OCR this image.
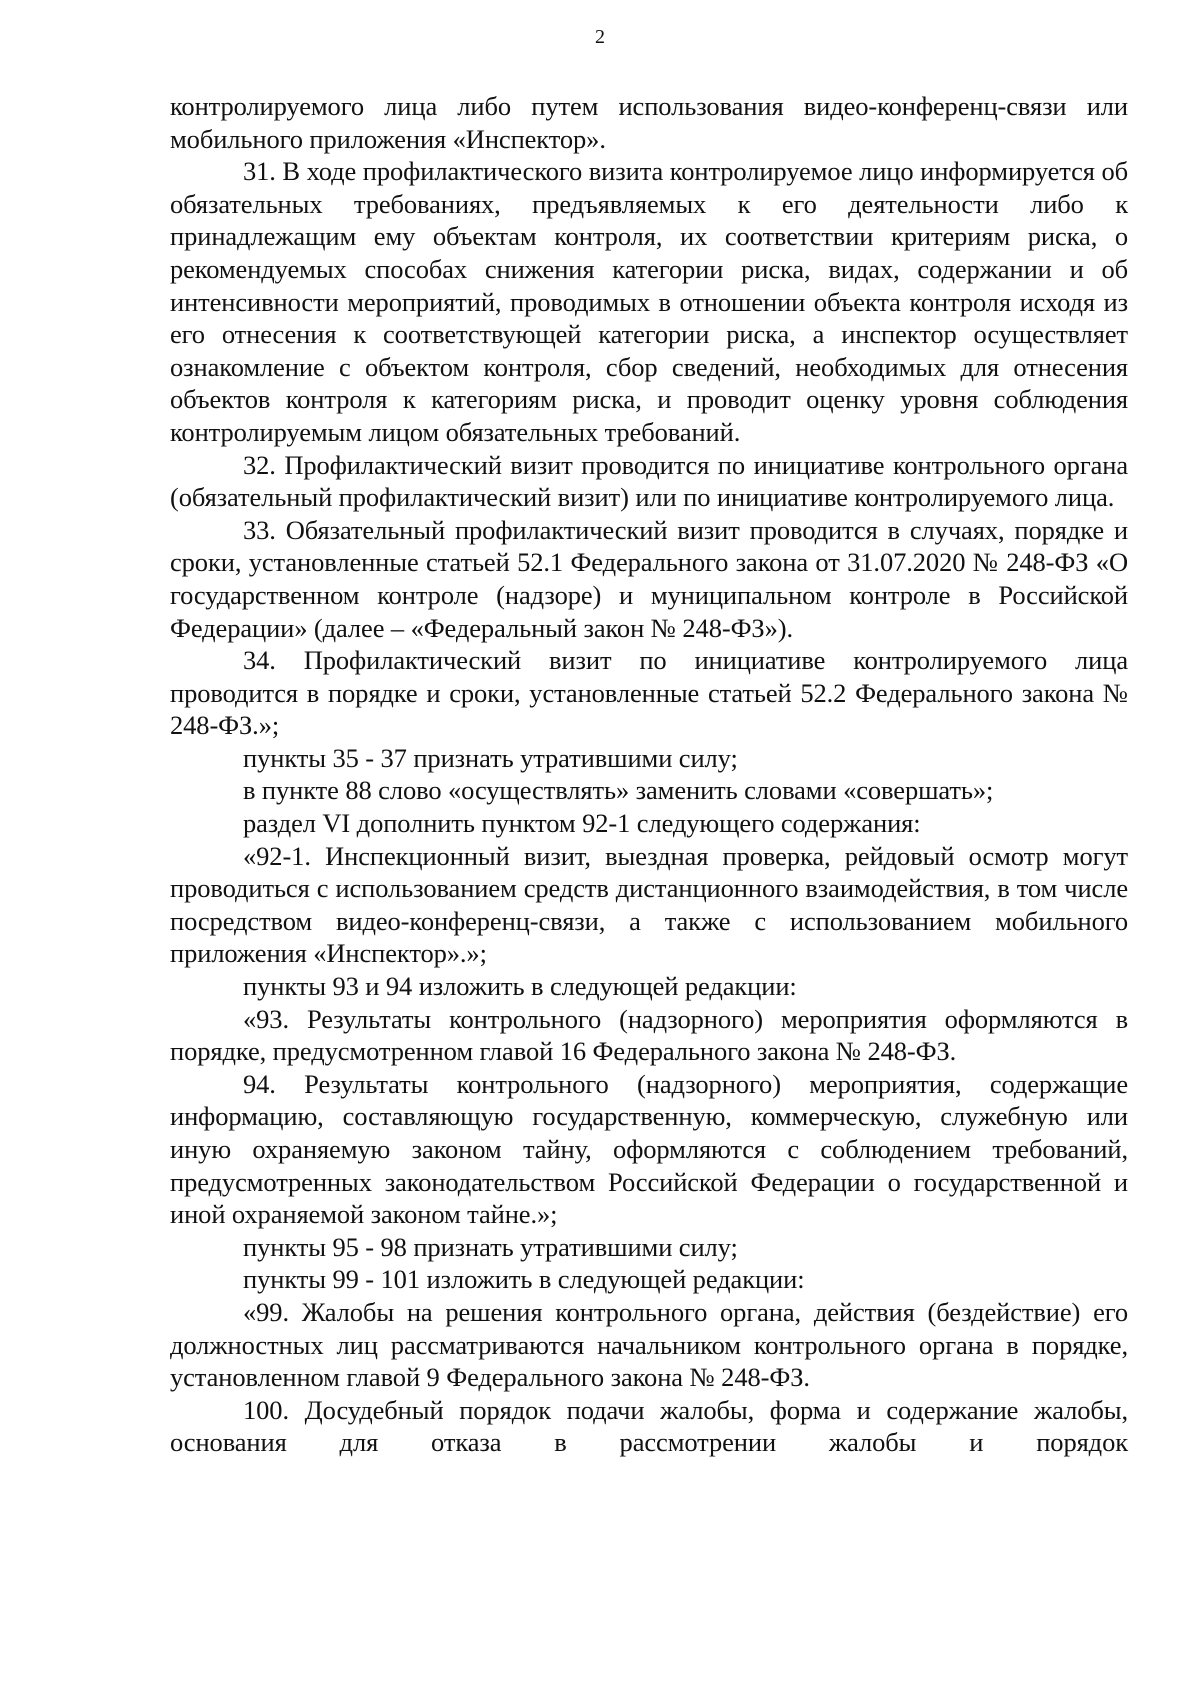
2

контролируемого лица либо путем использования видео-конференц-связи или мобильного приложения «Инспектор».

31. В ходе профилактического визита контролируемое лицо информируется об обязательных требованиях, предъявляемых к его деятельности либо к принадлежащим ему объектам контроля, их соответствии критериям риска, о рекомендуемых способах снижения категории риска, видах, содержании и об интенсивности мероприятий, проводимых в отношении объекта контроля исходя из его отнесения к соответствующей категории риска, а инспектор осуществляет ознакомление с объектом контроля, сбор сведений, необходимых для отнесения объектов контроля к категориям риска, и проводит оценку уровня соблюдения контролируемым лицом обязательных требований.

32. Профилактический визит проводится по инициативе контрольного органа (обязательный профилактический визит) или по инициативе контролируемого лица.

33. Обязательный профилактический визит проводится в случаях, порядке и сроки, установленные статьей 52.1 Федерального закона от 31.07.2020 № 248-ФЗ «О государственном контроле (надзоре) и муниципальном контроле в Российской Федерации» (далее – «Федеральный закон № 248-ФЗ»).

34. Профилактический визит по инициативе контролируемого лица проводится в порядке и сроки, установленные статьей 52.2 Федерального закона № 248-ФЗ.»;

пункты 35 - 37 признать утратившими силу;

в пункте 88 слово «осуществлять» заменить словами «совершать»;

раздел VI дополнить пунктом 92-1 следующего содержания:

«92-1. Инспекционный визит, выездная проверка, рейдовый осмотр могут проводиться с использованием средств дистанционного взаимодействия, в том числе посредством видео-конференц-связи, а также с использованием мобильного приложения «Инспектор».»;

пункты 93 и 94 изложить в следующей редакции:

«93. Результаты контрольного (надзорного) мероприятия оформляются в порядке, предусмотренном главой 16 Федерального закона № 248-ФЗ.

94. Результаты контрольного (надзорного) мероприятия, содержащие информацию, составляющую государственную, коммерческую, служебную или иную охраняемую законом тайну, оформляются с соблюдением требований, предусмотренных законодательством Российской Федерации о государственной и иной охраняемой законом тайне.»;

пункты 95 - 98 признать утратившими силу;

пункты 99 - 101 изложить в следующей редакции:

«99. Жалобы на решения контрольного органа, действия (бездействие) его должностных лиц рассматриваются начальником контрольного органа в порядке, установленном главой 9 Федерального закона № 248-ФЗ.

100. Досудебный порядок подачи жалобы, форма и содержание жалобы, основания для отказа в рассмотрении жалобы и порядок
